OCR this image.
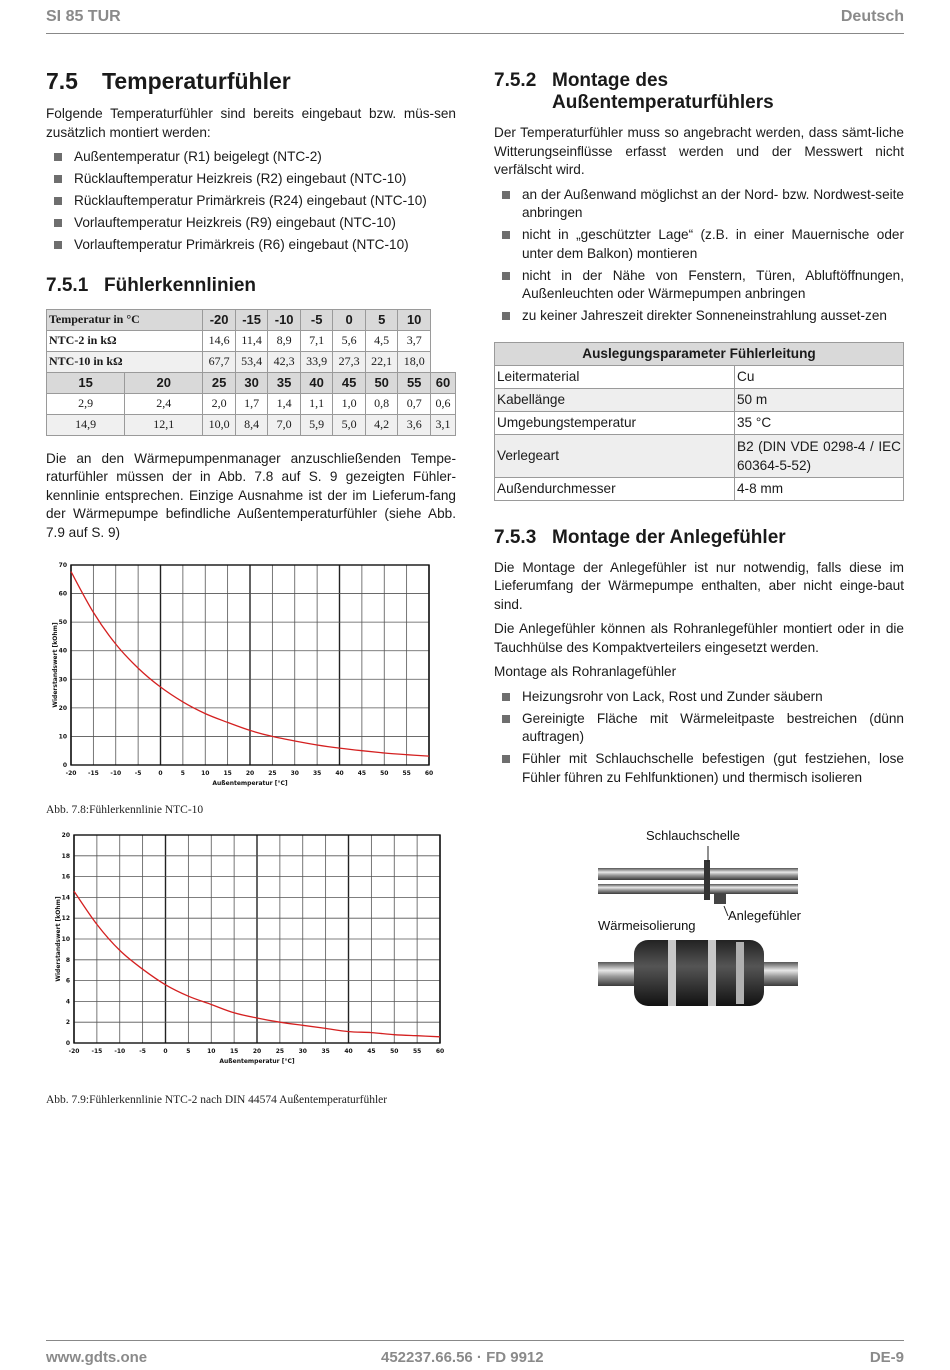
SI 85 TUR	Deutsch
7.5 Temperaturfühler

Folgende Temperaturfühler sind bereits eingebaut bzw. müs-sen zusätzlich montiert werden:

Außentemperatur (R1) beigelegt (NTC-2)
Rücklauftemperatur Heizkreis (R2) eingebaut (NTC-10)
Rücklauftemperatur Primärkreis (R24) eingebaut (NTC-10)
Vorlauftemperatur Heizkreis (R9) eingebaut (NTC-10)
Vorlauftemperatur Primärkreis (R6) eingebaut (NTC-10)
7.5.1 Fühlerkennlinien
Temperatur in °C		-20	-15	-10	-5	0	5	10	
NTC-2 in kΩ		14,6	11,4	8,9	7,1	5,6	4,5	3,7	
NTC-10 in kΩ		67,7	53,4	42,3	33,9	27,3	22,1	18,0	
15	20	25	30	35	40	45	50	55	60
2,9	2,4	2,0	1,7	1,4	1,1	1,0	0,8	0,7	0,6
14,9	12,1	10,0	8,4	7,0	5,9	5,0	4,2	3,6	3,1

Die an den Wärmepumpenmanager anzuschließenden Tempe-raturfühler müssen der in Abb. 7.8 auf S. 9 gezeigten Fühler-kennlinie entsprechen. Einzige Ausnahme ist der im Lieferum-fang der Wärmepumpe befindliche Außentemperaturfühler (siehe Abb. 7.9 auf S. 9)

-20 -15 -10 -5	0	5	10 15 20 25 30 35 40 45 50 55 60
0
10
20
30
40
50
60
70
Außentemperatur [°C]
Widerstandswert [kOhm]
Abb. 7.8:Fühlerkennlinie NTC-10
-20 -15 -10 -5	0	5	10 15 20 25 30 35 40 45 50 55 60
0
2
4
6
8
10
12
14
16
18
20
Außentemperatur [°C]
Widerstandswert [kOhm]
Abb. 7.9:Fühlerkennlinie NTC-2 nach DIN 44574 Außentemperaturfühler
7.5.2 Montage des
Außentemperaturfühlers

Der Temperaturfühler muss so angebracht werden, dass sämt-liche Witterungseinflüsse erfasst werden und der Messwert nicht verfälscht wird.

an der Außenwand möglichst an der Nord- bzw. Nordwest-seite anbringen
nicht in „geschützter Lage“ (z.B. in einer Mauernische oder unter dem Balkon) montieren
nicht in der Nähe von Fenstern, Türen, Abluftöffnungen, Außenleuchten oder Wärmepumpen anbringen
zu keiner Jahreszeit direkter Sonneneinstrahlung ausset-zen
Auslegungsparameter Fühlerleitung	
Leitermaterial	Cu
Kabellänge	50 m
Umgebungstemperatur	35 °C
Verlegeart	B2 (DIN VDE 0298-4 / IEC 60364-5-52)
Außendurchmesser	4-8 mm
7.5.3 Montage der Anlegefühler

Die Montage der Anlegefühler ist nur notwendig, falls diese im Lieferumfang der Wärmepumpe enthalten, aber nicht einge-baut sind.

Die Anlegefühler können als Rohranlegefühler montiert oder in die Tauchhülse des Kompaktverteilers eingesetzt werden.

Montage als Rohranlagefühler

Heizungsrohr von Lack, Rost und Zunder säubern
Gereinigte Fläche mit Wärmeleitpaste bestreichen (dünn auftragen)
Fühler mit Schlauchschelle befestigen (gut festziehen, lose Fühler führen zu Fehlfunktionen) und thermisch isolieren
Schlauchschelle
Anlegefühler
Wärmeisolierung
www.gdts.one	452237.66.56 · FD 9912	DE-9
